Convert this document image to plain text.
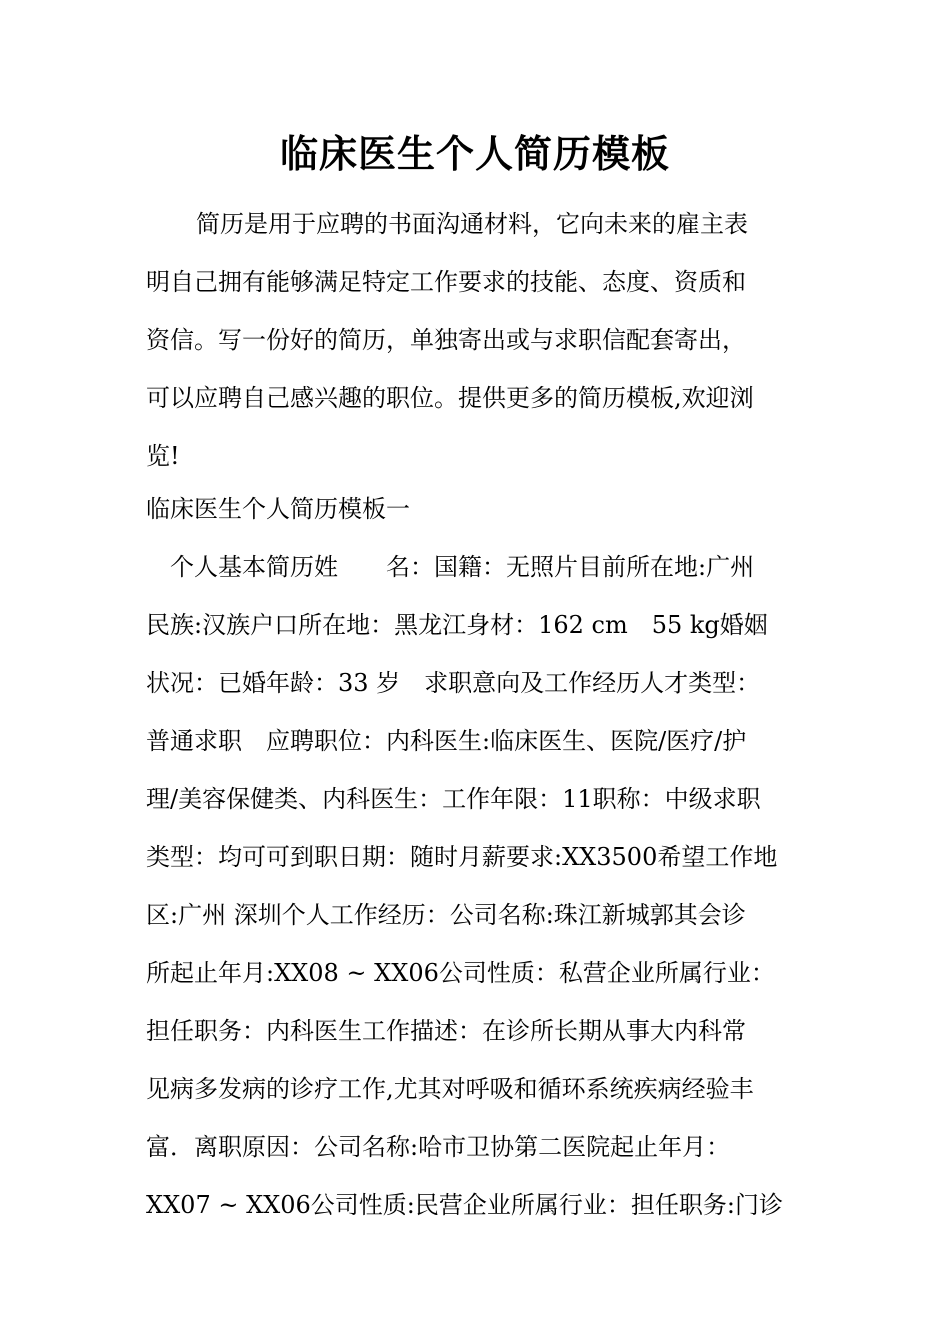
临床医生个人简历模板
简历是用于应聘的书面沟通材料，它向未来的雇主表
明自己拥有能够满足特定工作要求的技能、态度、资质和
资信。写一份好的简历，单独寄出或与求职信配套寄出，
可以应聘自己感兴趣的职位。提供更多的简历模板,欢迎浏
览!
临床医生个人简历模板一
个人基本简历姓　　名：国籍：无照片目前所在地:广州
民族:汉族户口所在地：黑龙江身材：162 cm　55 kg婚姻
状况：已婚年龄：33 岁　求职意向及工作经历人才类型：
普通求职　应聘职位：内科医生:临床医生、医院/医疗/护
理/美容保健类、内科医生：工作年限：11职称：中级求职
类型：均可可到职日期：随时月薪要求:XX3500希望工作地
区:广州 深圳个人工作经历：公司名称:珠江新城郭其会诊
所起止年月:XX08 ~ XX06公司性质：私营企业所属行业：
担任职务：内科医生工作描述：在诊所长期从事大内科常
见病多发病的诊疗工作,尤其对呼吸和循环系统疾病经验丰
富．离职原因：公司名称:哈市卫协第二医院起止年月：
XX07 ~ XX06公司性质:民营企业所属行业：担任职务:门诊
